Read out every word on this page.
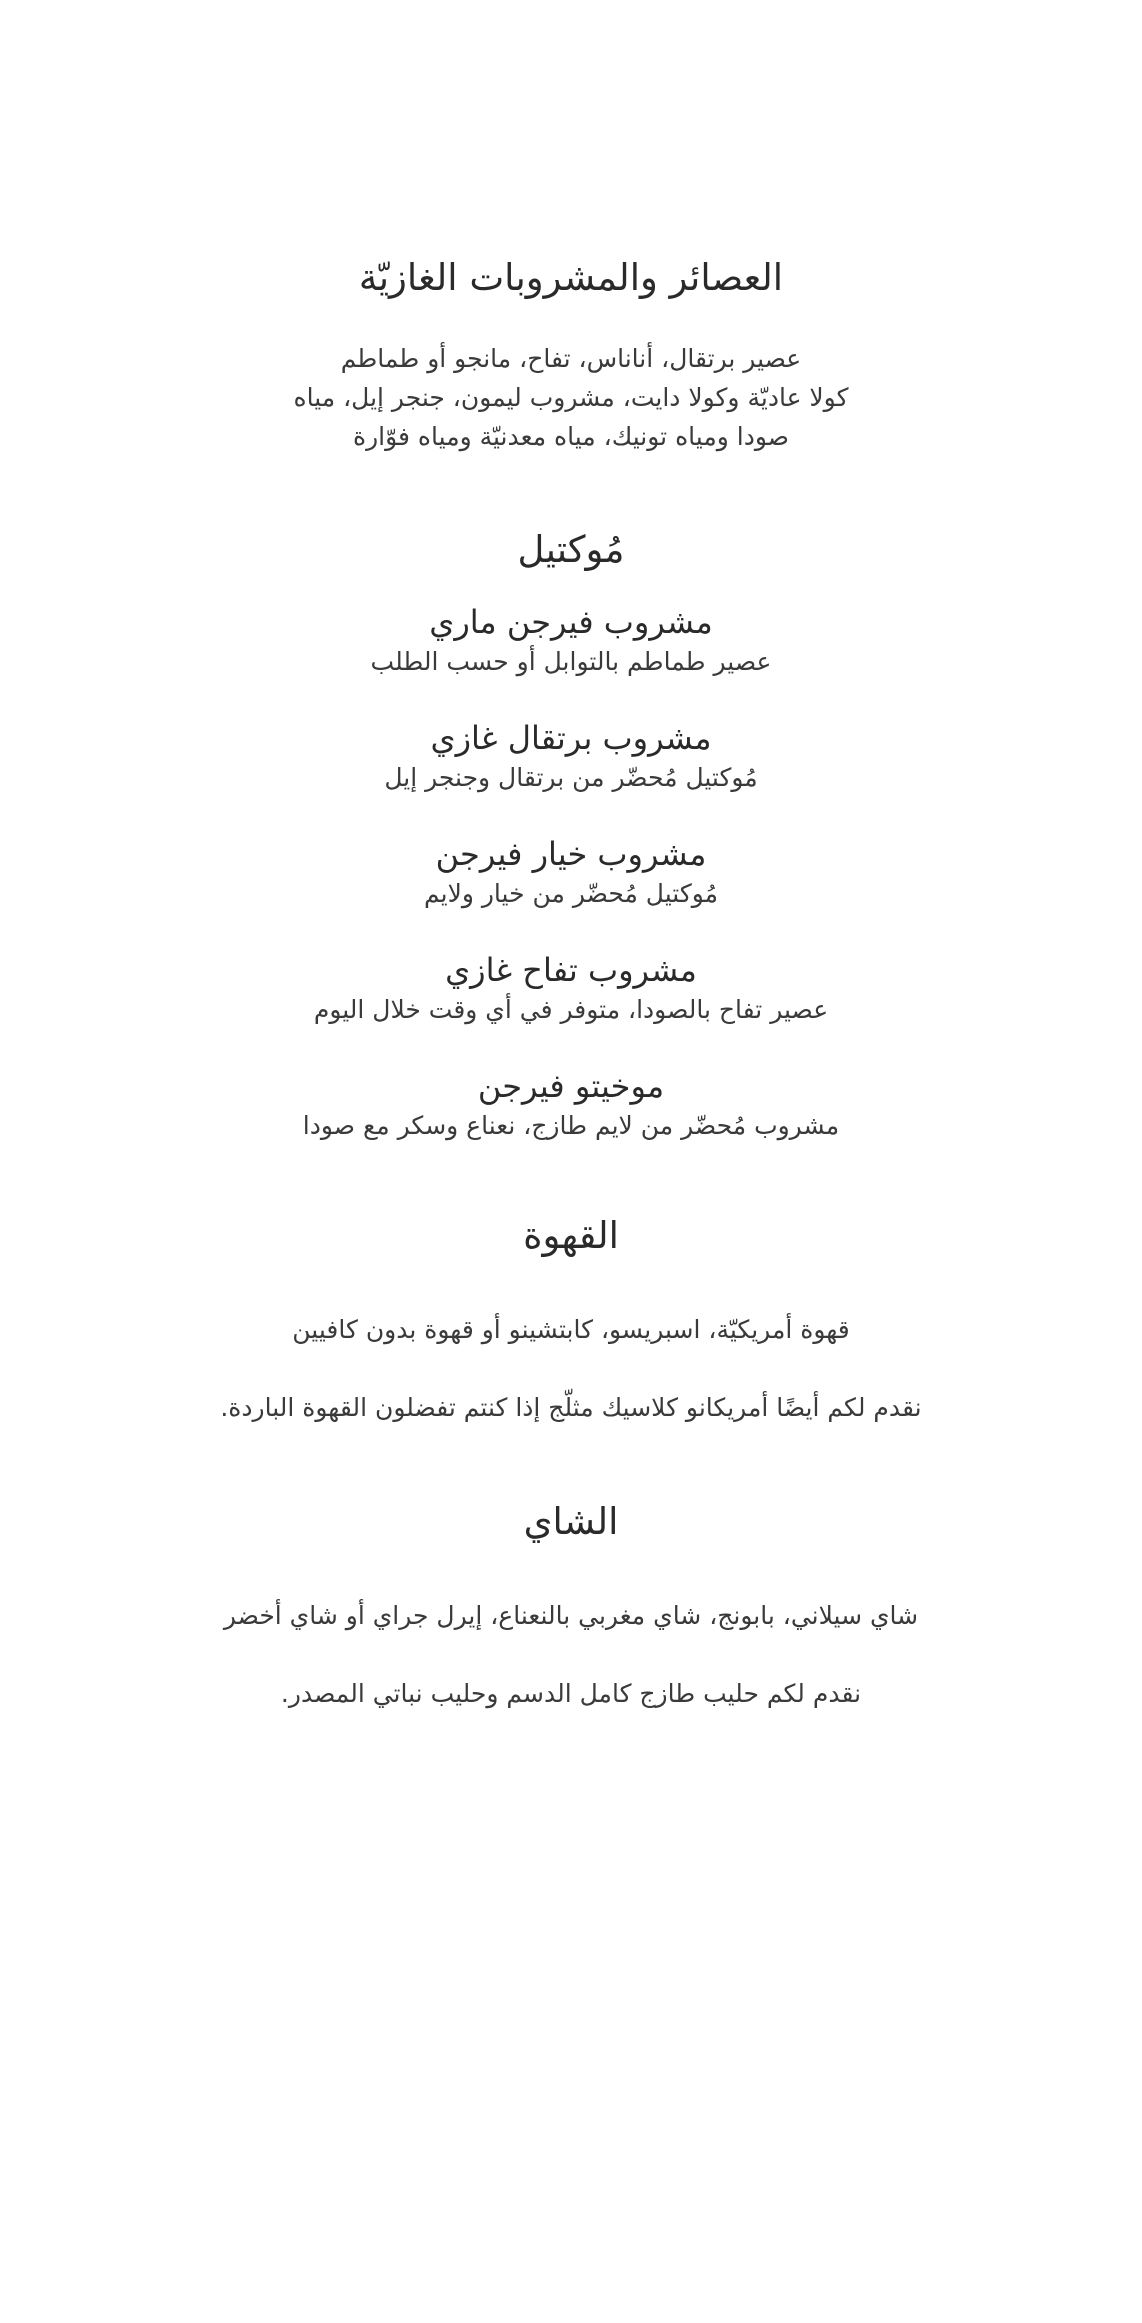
العصائر والمشروبات الغازيّة
عصير برتقال، أناناس، تفاح، مانجو أو طماطم
كولا عاديّة وكولا دايت، مشروب ليمون، جنجر إيل، مياه
صودا ومياه تونيك، مياه معدنيّة ومياه فوّارة
مُوكتيل
مشروب فيرجن ماري
عصير طماطم بالتوابل أو حسب الطلب
مشروب برتقال غازي
مُوكتيل مُحضّر من برتقال وجنجر إيل
مشروب خيار فيرجن
مُوكتيل مُحضّر من خيار ولايم
مشروب تفاح غازي
عصير تفاح بالصودا، متوفر في أي وقت خلال اليوم
موخيتو فيرجن
مشروب مُحضّر من لايم طازج، نعناع وسكر مع صودا
القهوة
قهوة أمريكيّة، اسبريسو، كابتشينو أو قهوة بدون كافيين
نقدم لكم أيضًا أمريكانو كلاسيك مثلّج إذا كنتم تفضلون القهوة الباردة.
الشاي
شاي سيلاني، بابونج، شاي مغربي بالنعناع، إيرل جراي أو شاي أخضر
نقدم لكم حليب طازج كامل الدسم وحليب نباتي المصدر.
